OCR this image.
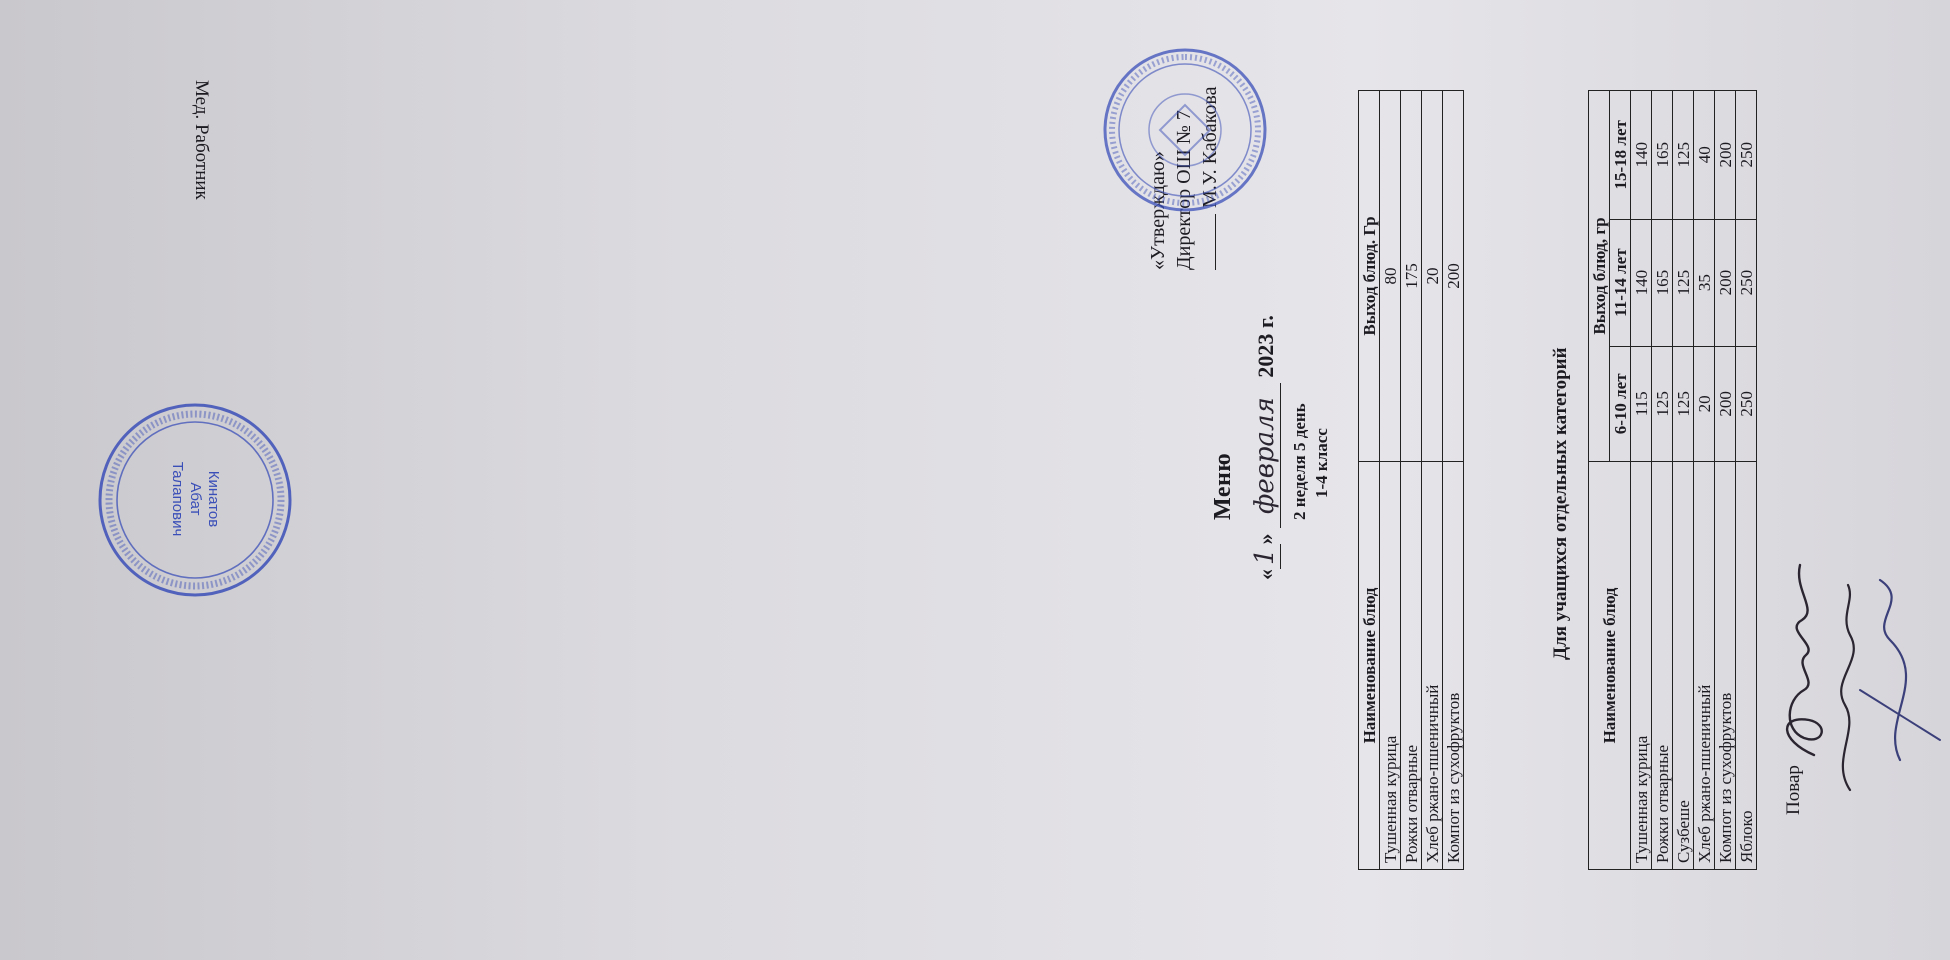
«Утверждаю» Директор ОШ № 7 М.У. Кабакова
Меню
«1» февраля 2023 г.
2 неделя 5 день 1-4 класс
Наименование блюд	Выход блюд. Гр
Тушенная курица	80
Рожки отварные	175
Хлеб ржано-пшеничный	20
Компот из сухофруктов	200
Для учащихся отдельных категорий
Наименование блюд	Выход блюд, гр		
	6-10 лет	11-14 лет	15-18 лет
Тушенная курица	115	140	140
Рожки отварные	125	165	165
Сузбеше	125	125	125
Хлеб ржано-пшеничный	20	35	40
Компот из сухофруктов	200	200	200
Яблоко	250	250	250
Повар
Мед. Работник
Кинатов
Абат
Талапович
